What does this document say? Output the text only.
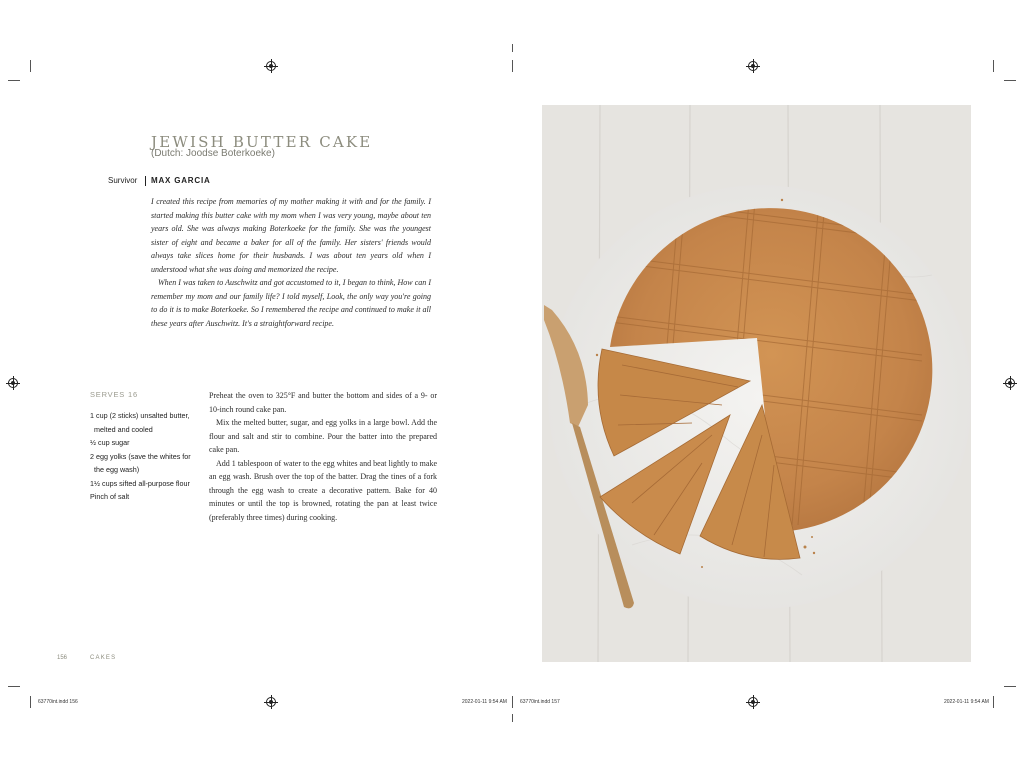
JEWISH BUTTER CAKE
(Dutch: Joodse Boterkoeke)
Survivor MAX GARCIA

I created this recipe from memories of my mother making it with and for the family. I started making this butter cake with my mom when I was very young, maybe about ten years old. She was always making Boterkoeke for the family. She was the youngest sister of eight and became a baker for all of the family. Her sisters' friends would always take slices home for their husbands. I was about ten years old when I understood what she was doing and memorized the recipe.

When I was taken to Auschwitz and got accustomed to it, I began to think, How can I remember my mom and our family life? I told myself, Look, the only way you're going to do it is to make Boterkoeke. So I remembered the recipe and continued to make it all these years after Auschwitz. It's a straightforward recipe.

SERVES 16
1 cup (2 sticks) unsalted butter, melted and cooled
½ cup sugar
2 egg yolks (save the whites for the egg wash)
1½ cups sifted all-purpose flour
Pinch of salt

Preheat the oven to 325°F and butter the bottom and sides of a 9- or 10-inch round cake pan.

Mix the melted butter, sugar, and egg yolks in a large bowl. Add the flour and salt and stir to combine. Pour the batter into the prepared cake pan.

Add 1 tablespoon of water to the egg whites and beat lightly to make an egg wash. Brush over the top of the batter. Drag the tines of a fork through the egg wash to create a decorative pattern. Bake for 40 minutes or until the top is browned, rotating the pan at least twice (preferably three times) during cooking.

156	CAKES
63770int.indd 156	2022-01-11 9:54 AM	63770int.indd 157	2022-01-11 9:54 AM
